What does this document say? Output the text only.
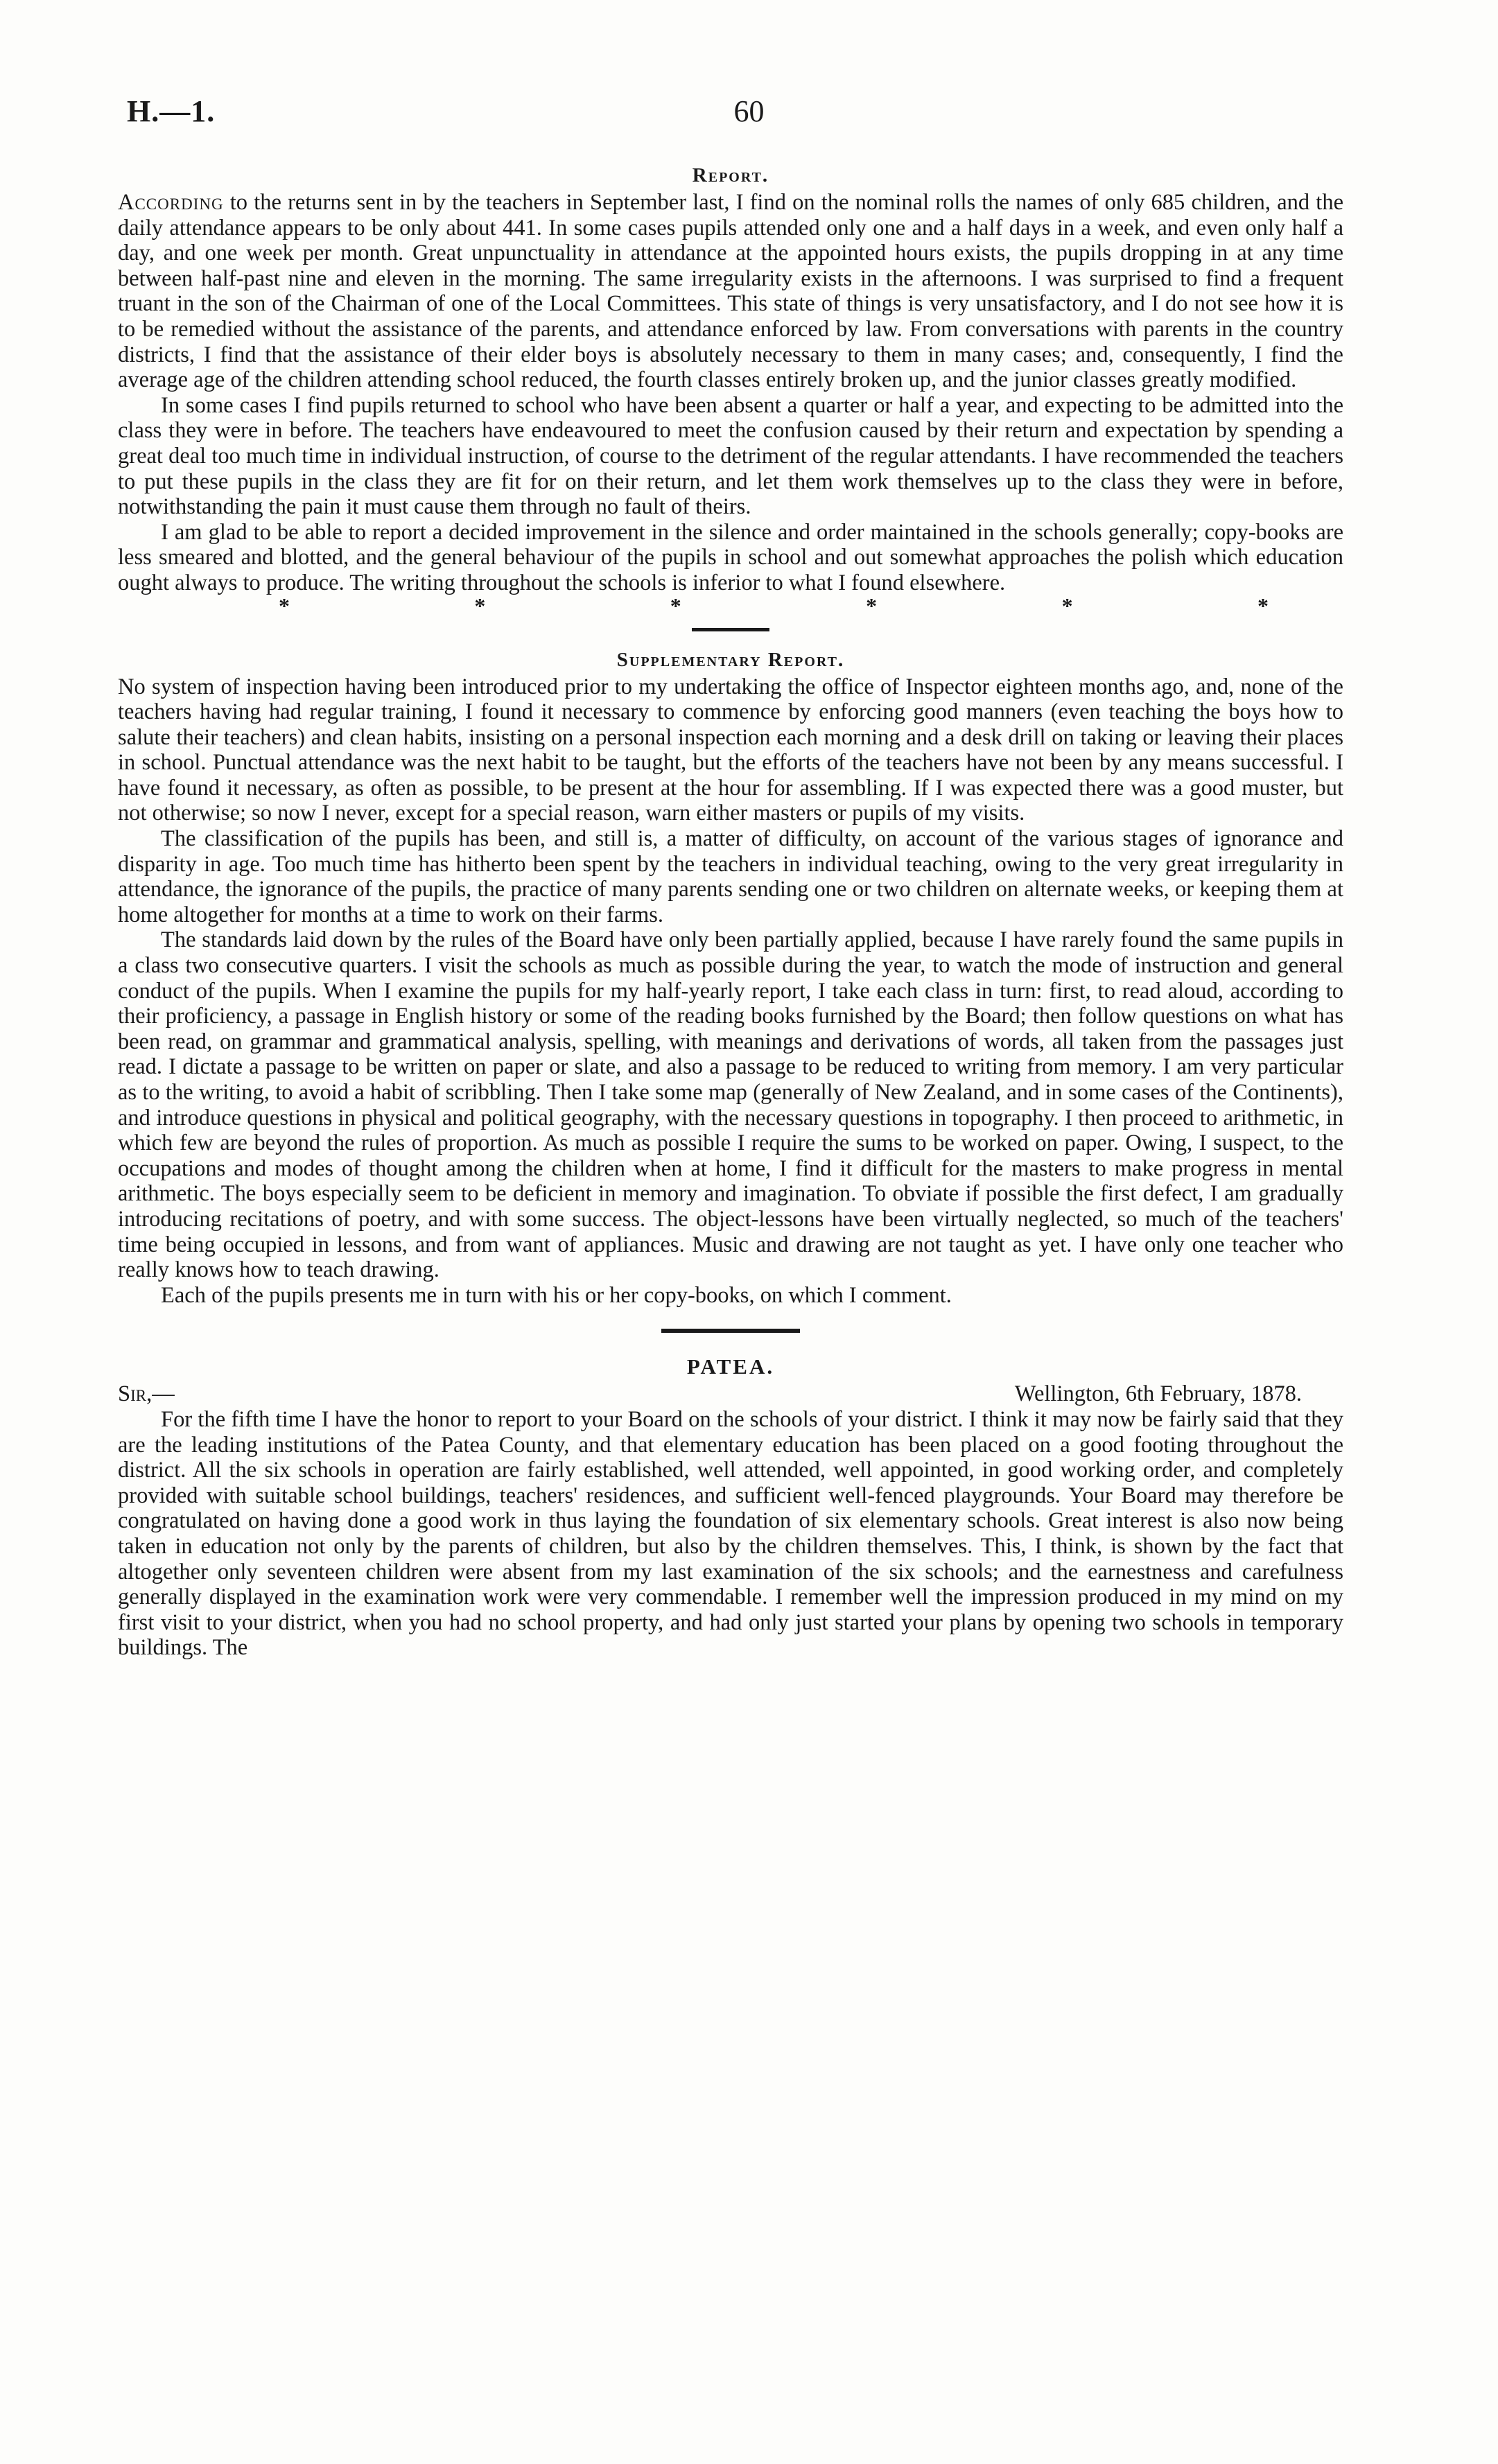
H.—1.	60
Report.

According to the returns sent in by the teachers in September last, I find on the nominal rolls the names of only 685 children, and the daily attendance appears to be only about 441. In some cases pupils attended only one and a half days in a week, and even only half a day, and one week per month. Great unpunctuality in attendance at the appointed hours exists, the pupils dropping in at any time between half-past nine and eleven in the morning. The same irregularity exists in the afternoons. I was surprised to find a frequent truant in the son of the Chairman of one of the Local Committees. This state of things is very unsatisfactory, and I do not see how it is to be remedied without the assistance of the parents, and attendance enforced by law. From conversations with parents in the country districts, I find that the assistance of their elder boys is absolutely necessary to them in many cases; and, consequently, I find the average age of the children attending school reduced, the fourth classes entirely broken up, and the junior classes greatly modified.

In some cases I find pupils returned to school who have been absent a quarter or half a year, and expecting to be admitted into the class they were in before. The teachers have endeavoured to meet the confusion caused by their return and expectation by spending a great deal too much time in individual instruction, of course to the detriment of the regular attendants. I have recommended the teachers to put these pupils in the class they are fit for on their return, and let them work themselves up to the class they were in before, notwithstanding the pain it must cause them through no fault of theirs.

I am glad to be able to report a decided improvement in the silence and order maintained in the schools generally; copy-books are less smeared and blotted, and the general behaviour of the pupils in school and out somewhat approaches the polish which education ought always to produce. The writing throughout the schools is inferior to what I found elsewhere.

*	*	*	*	*	*
Supplementary Report.

No system of inspection having been introduced prior to my undertaking the office of Inspector eighteen months ago, and, none of the teachers having had regular training, I found it necessary to commence by enforcing good manners (even teaching the boys how to salute their teachers) and clean habits, insisting on a personal inspection each morning and a desk drill on taking or leaving their places in school. Punctual attendance was the next habit to be taught, but the efforts of the teachers have not been by any means successful. I have found it necessary, as often as possible, to be present at the hour for assembling. If I was expected there was a good muster, but not otherwise; so now I never, except for a special reason, warn either masters or pupils of my visits.

The classification of the pupils has been, and still is, a matter of difficulty, on account of the various stages of ignorance and disparity in age. Too much time has hitherto been spent by the teachers in individual teaching, owing to the very great irregularity in attendance, the ignorance of the pupils, the practice of many parents sending one or two children on alternate weeks, or keeping them at home altogether for months at a time to work on their farms.

The standards laid down by the rules of the Board have only been partially applied, because I have rarely found the same pupils in a class two consecutive quarters. I visit the schools as much as possible during the year, to watch the mode of instruction and general conduct of the pupils. When I examine the pupils for my half-yearly report, I take each class in turn: first, to read aloud, according to their proficiency, a passage in English history or some of the reading books furnished by the Board; then follow questions on what has been read, on grammar and grammatical analysis, spelling, with meanings and derivations of words, all taken from the passages just read. I dictate a passage to be written on paper or slate, and also a passage to be reduced to writing from memory. I am very particular as to the writing, to avoid a habit of scribbling. Then I take some map (generally of New Zealand, and in some cases of the Continents), and introduce questions in physical and political geography, with the necessary questions in topography. I then proceed to arithmetic, in which few are beyond the rules of proportion. As much as possible I require the sums to be worked on paper. Owing, I suspect, to the occupations and modes of thought among the children when at home, I find it difficult for the masters to make progress in mental arithmetic. The boys especially seem to be deficient in memory and imagination. To obviate if possible the first defect, I am gradually introducing recitations of poetry, and with some success. The object-lessons have been virtually neglected, so much of the teachers' time being occupied in lessons, and from want of appliances. Music and drawing are not taught as yet. I have only one teacher who really knows how to teach drawing.

Each of the pupils presents me in turn with his or her copy-books, on which I comment.

PATEA.
Sir,—	Wellington, 6th February, 1878.

For the fifth time I have the honor to report to your Board on the schools of your district. I think it may now be fairly said that they are the leading institutions of the Patea County, and that elementary education has been placed on a good footing throughout the district. All the six schools in operation are fairly established, well attended, well appointed, in good working order, and completely provided with suitable school buildings, teachers' residences, and sufficient well-fenced playgrounds. Your Board may therefore be congratulated on having done a good work in thus laying the foundation of six elementary schools. Great interest is also now being taken in education not only by the parents of children, but also by the children themselves. This, I think, is shown by the fact that altogether only seventeen children were absent from my last examination of the six schools; and the earnestness and carefulness generally displayed in the examination work were very commendable. I remember well the impression produced in my mind on my first visit to your district, when you had no school property, and had only just started your plans by opening two schools in temporary buildings. The
